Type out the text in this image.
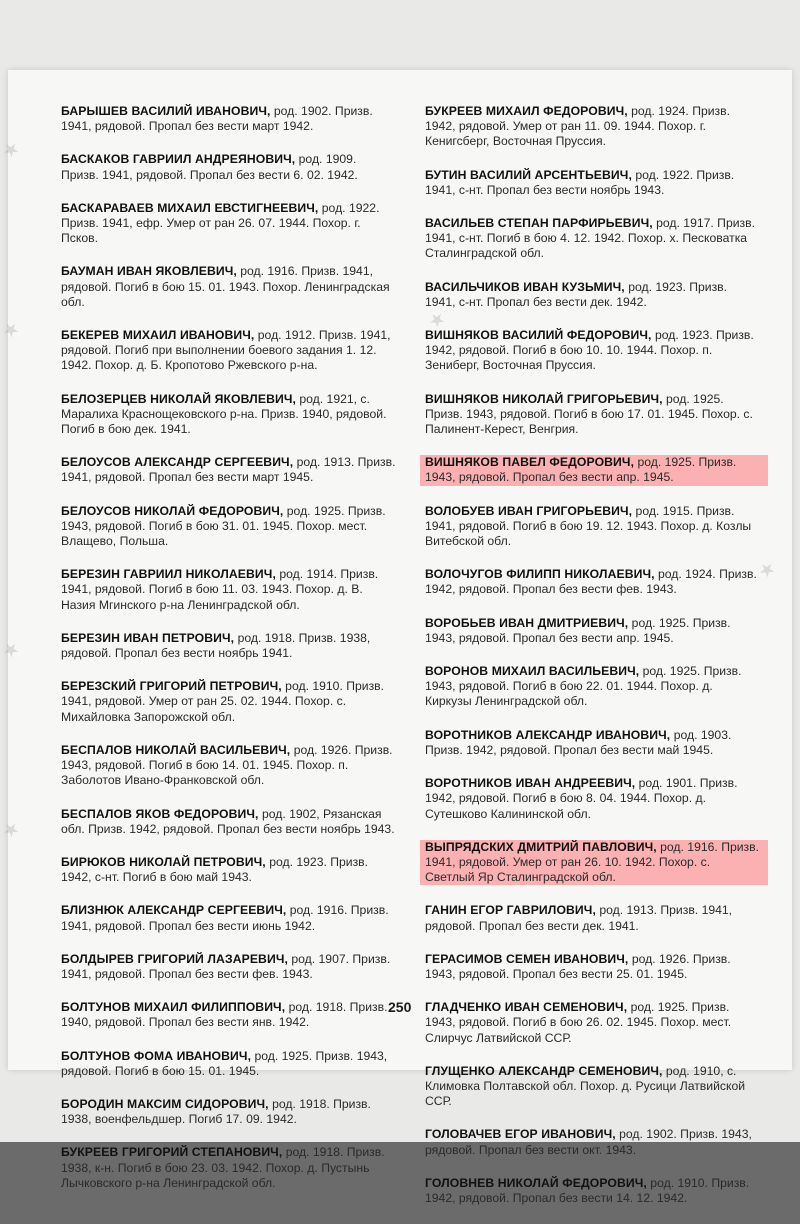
БАРЫШЕВ ВАСИЛИЙ ИВАНОВИЧ, род. 1902. Призв. 1941, рядовой. Пропал без вести март 1942.
БАСКАКОВ ГАВРИИЛ АНДРЕЯНОВИЧ, род. 1909. Призв. 1941, рядовой. Пропал без вести 6. 02. 1942.
БАСКАРАВАЕВ МИХАИЛ ЕВСТИГНЕЕВИЧ, род. 1922. Призв. 1941, ефр. Умер от ран 26. 07. 1944. Похор. г. Псков.
БАУМАН ИВАН ЯКОВЛЕВИЧ, род. 1916. Призв. 1941, рядовой. Погиб в бою 15. 01. 1943. Похор. Ленинградская обл.
БЕКЕРЕВ МИХАИЛ ИВАНОВИЧ, род. 1912. Призв. 1941, рядовой. Погиб при выполнении боевого задания 1. 12. 1942. Похор. д. Б. Кропотово Ржевского р-на.
БЕЛОЗЕРЦЕВ НИКОЛАЙ ЯКОВЛЕВИЧ, род. 1921, с. Маралиха Краснощековского р-на. Призв. 1940, рядовой. Погиб в бою дек. 1941.
БЕЛОУСОВ АЛЕКСАНДР СЕРГЕЕВИЧ, род. 1913. Призв. 1941, рядовой. Пропал без вести март 1945.
БЕЛОУСОВ НИКОЛАЙ ФЕДОРОВИЧ, род. 1925. Призв. 1943, рядовой. Погиб в бою 31. 01. 1945. Похор. мест. Влащево, Польша.
БЕРЕЗИН ГАВРИИЛ НИКОЛАЕВИЧ, род. 1914. Призв. 1941, рядовой. Погиб в бою 11. 03. 1943. Похор. д. В. Назия Мгинского р-на Ленинградской обл.
БЕРЕЗИН ИВАН ПЕТРОВИЧ, род. 1918. Призв. 1938, рядовой. Пропал без вести ноябрь 1941.
БЕРЕЗСКИЙ ГРИГОРИЙ ПЕТРОВИЧ, род. 1910. Призв. 1941, рядовой. Умер от ран 25. 02. 1944. Похор. с. Михайловка Запорожской обл.
БЕСПАЛОВ НИКОЛАЙ ВАСИЛЬЕВИЧ, род. 1926. Призв. 1943, рядовой. Погиб в бою 14. 01. 1945. Похор. п. Заболотов Ивано-Франковской обл.
БЕСПАЛОВ ЯКОВ ФЕДОРОВИЧ, род. 1902, Рязанская обл. Призв. 1942, рядовой. Пропал без вести ноябрь 1943.
БИРЮКОВ НИКОЛАЙ ПЕТРОВИЧ, род. 1923. Призв. 1942, с-нт. Погиб в бою май 1943.
БЛИЗНЮК АЛЕКСАНДР СЕРГЕЕВИЧ, род. 1916. Призв. 1941, рядовой. Пропал без вести июнь 1942.
БОЛДЫРЕВ ГРИГОРИЙ ЛАЗАРЕВИЧ, род. 1907. Призв. 1941, рядовой. Пропал без вести фев. 1943.
БОЛТУНОВ МИХАИЛ ФИЛИППОВИЧ, род. 1918. Призв. 1940, рядовой. Пропал без вести янв. 1942.
БОЛТУНОВ ФОМА ИВАНОВИЧ, род. 1925. Призв. 1943, рядовой. Погиб в бою 15. 01. 1945.
БОРОДИН МАКСИМ СИДОРОВИЧ, род. 1918. Призв. 1938, военфельдшер. Погиб 17. 09. 1942.
БУКРЕЕВ ГРИГОРИЙ СТЕПАНОВИЧ, род. 1918. Призв. 1938, к-н. Погиб в бою 23. 03. 1942. Похор. д. Пустынь Лычковского р-на Ленинградской обл.
БУКРЕЕВ МИХАИЛ ФЕДОРОВИЧ, род. 1924. Призв. 1942, рядовой. Умер от ран 11. 09. 1944. Похор. г. Кенигсберг, Восточная Пруссия.
БУТИН ВАСИЛИЙ АРСЕНТЬЕВИЧ, род. 1922. Призв. 1941, с-нт. Пропал без вести ноябрь 1943.
ВАСИЛЬЕВ СТЕПАН ПАРФИРЬЕВИЧ, род. 1917. Призв. 1941, с-нт. Погиб в бою 4. 12. 1942. Похор. х. Песковатка Сталинградской обл.
ВАСИЛЬЧИКОВ ИВАН КУЗЬМИЧ, род. 1923. Призв. 1941, с-нт. Пропал без вести дек. 1942.
ВИШНЯКОВ ВАСИЛИЙ ФЕДОРОВИЧ, род. 1923. Призв. 1942, рядовой. Погиб в бою 10. 10. 1944. Похор. п. Зениберг, Восточная Пруссия.
ВИШНЯКОВ НИКОЛАЙ ГРИГОРЬЕВИЧ, род. 1925. Призв. 1943, рядовой. Погиб в бою 17. 01. 1945. Похор. с. Палинент-Керест, Венгрия.
ВИШНЯКОВ ПАВЕЛ ФЕДОРОВИЧ, род. 1925. Призв. 1943, рядовой. Пропал без вести апр. 1945.
ВОЛОБУЕВ ИВАН ГРИГОРЬЕВИЧ, род. 1915. Призв. 1941, рядовой. Погиб в бою 19. 12. 1943. Похор. д. Козлы Витебской обл.
ВОЛОЧУГОВ ФИЛИПП НИКОЛАЕВИЧ, род. 1924. Призв. 1942, рядовой. Пропал без вести фев. 1943.
ВОРОБЬЕВ ИВАН ДМИТРИЕВИЧ, род. 1925. Призв. 1943, рядовой. Пропал без вести апр. 1945.
ВОРОНОВ МИХАИЛ ВАСИЛЬЕВИЧ, род. 1925. Призв. 1943, рядовой. Погиб в бою 22. 01. 1944. Похор. д. Киркузы Ленинградской обл.
ВОРОТНИКОВ АЛЕКСАНДР ИВАНОВИЧ, род. 1903. Призв. 1942, рядовой. Пропал без вести май 1945.
ВОРОТНИКОВ ИВАН АНДРЕЕВИЧ, род. 1901. Призв. 1942, рядовой. Погиб в бою 8. 04. 1944. Похор. д. Сутешково Калининской обл.
ВЫПРЯДСКИХ ДМИТРИЙ ПАВЛОВИЧ, род. 1916. Призв. 1941, рядовой. Умер от ран 26. 10. 1942. Похор. с. Светлый Яр Сталинградской обл.
ГАНИН ЕГОР ГАВРИЛОВИЧ, род. 1913. Призв. 1941, рядовой. Пропал без вести дек. 1941.
ГЕРАСИМОВ СЕМЕН ИВАНОВИЧ, род. 1926. Призв. 1943, рядовой. Пропал без вести 25. 01. 1945.
ГЛАДЧЕНКО ИВАН СЕМЕНОВИЧ, род. 1925. Призв. 1943, рядовой. Погиб в бою 26. 02. 1945. Похор. мест. Слирчус Латвийской ССР.
ГЛУЩЕНКО АЛЕКСАНДР СЕМЕНОВИЧ, род. 1910, с. Климовка Полтавской обл. Похор. д. Русици Латвийской ССР.
ГОЛОВАЧЕВ ЕГОР ИВАНОВИЧ, род. 1902. Призв. 1943, рядовой. Пропал без вести окт. 1943.
ГОЛОВНЕВ НИКОЛАЙ ФЕДОРОВИЧ, род. 1910. Призв. 1942, рядовой. Пропал без вести 14. 12. 1942.
250
★
★
★
★
★
★
